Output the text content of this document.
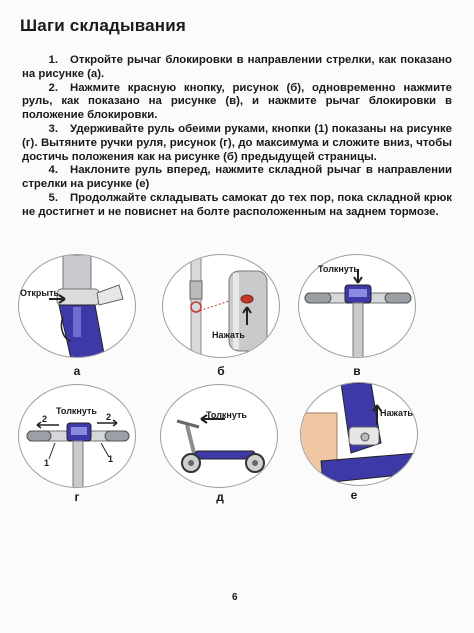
Шаги складывания

1. Откройте рычаг блокировки в направлении стрелки, как показано на рисунке (а).

2. Нажмите красную кнопку, рисунок (б), одновременно нажмите руль, как показано на рисунке (в), и нажмите рычаг блокировки в положение блокировки.

3. Удерживайте руль обеими руками, кнопки (1) показаны на рисунке (г). Вытяните ручки руля, рисунок (г), до максимума и сложите вниз, чтобы достичь положения как на рисунке (б) предыдущей страницы.

4. Наклоните руль вперед, нажмите складной рычаг в направлении стрелки на рисунке (е)

5. Продолжайте складывать самокат до тех пор, пока складной крюк не достигнет и не повиснет на болте расположенным на заднем тормозе.

Открыть
а
Нажать
б
Толкнуть
в
Толкнуть
2	2
1	1
г
Толкнуть
д
Нажать
е
6
